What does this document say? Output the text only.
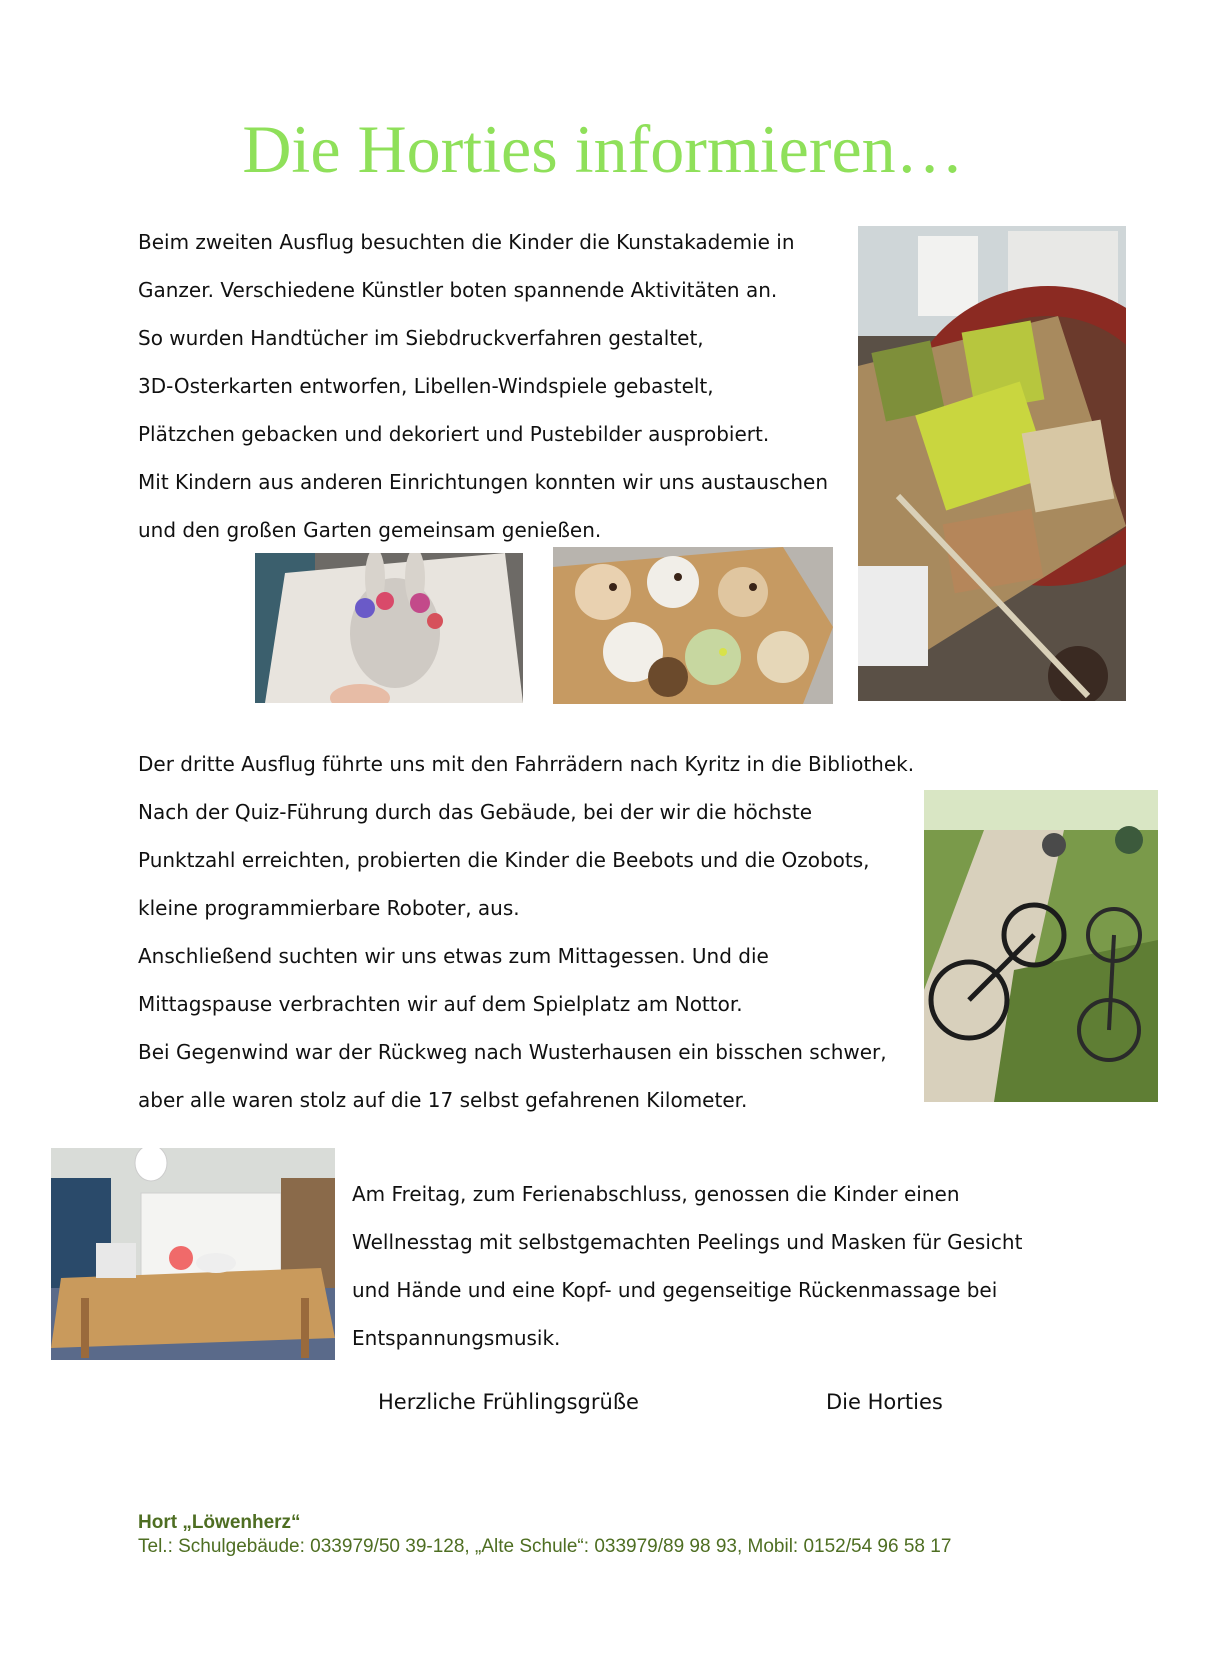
Die Horties informieren…
Beim zweiten Ausflug besuchten die Kinder die Kunstakademie in
Ganzer. Verschiedene Künstler boten spannende Aktivitäten an.
So wurden Handtücher im Siebdruckverfahren gestaltet,
3D-Osterkarten entworfen, Libellen-Windspiele gebastelt,
Plätzchen gebacken und dekoriert und Pustebilder ausprobiert.
Mit Kindern aus anderen Einrichtungen konnten wir uns austauschen
und den großen Garten gemeinsam genießen.
Der dritte Ausflug führte uns mit den Fahrrädern nach Kyritz in die Bibliothek.
Nach der Quiz-Führung durch das Gebäude, bei der wir die höchste
Punktzahl erreichten, probierten die Kinder die Beebots und die Ozobots,
kleine programmierbare Roboter, aus.
Anschließend suchten wir uns etwas zum Mittagessen. Und die
Mittagspause verbrachten wir auf dem Spielplatz am Nottor.
Bei Gegenwind war der Rückweg nach Wusterhausen ein bisschen schwer,
aber alle waren stolz auf die 17 selbst gefahrenen Kilometer.
Am Freitag, zum Ferienabschluss, genossen die Kinder einen
Wellnesstag mit selbstgemachten Peelings und Masken für Gesicht
und Hände und eine Kopf- und gegenseitige Rückenmassage bei
Entspannungsmusik.

Herzliche Frühlingsgrüße	Die Horties

Hort „Löwenherz“

Tel.: Schulgebäude: 033979/50 39-128, „Alte Schule“: 033979/89 98 93, Mobil: 0152/54 96 58 17
